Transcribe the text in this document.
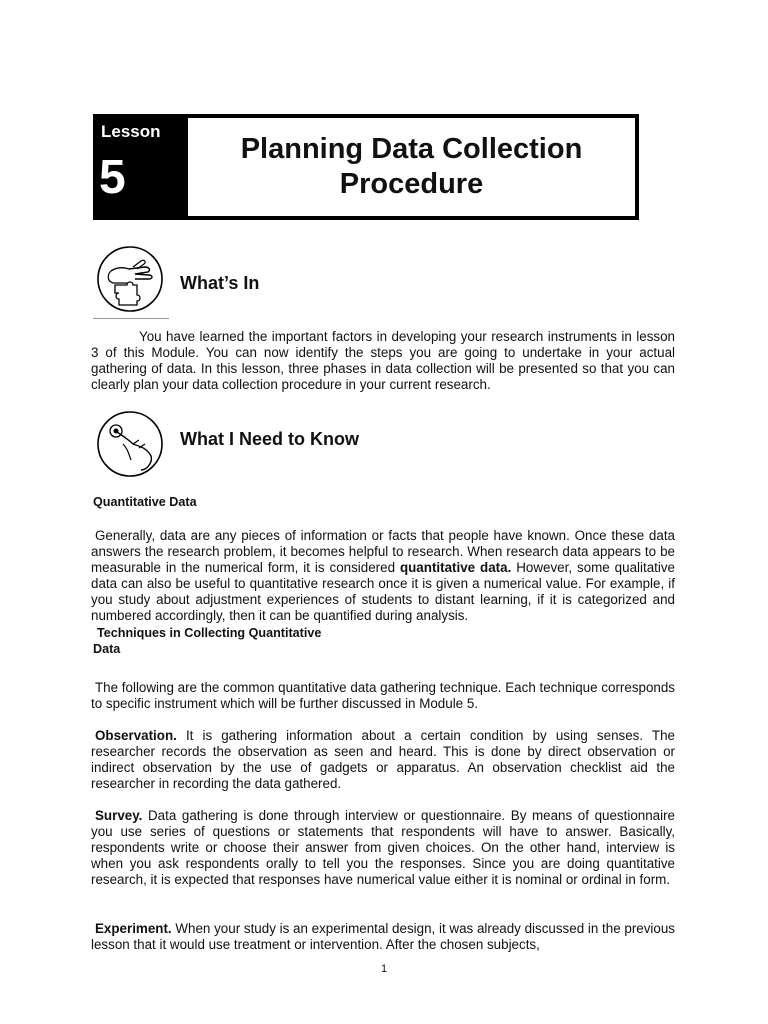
Lesson
5
Planning Data Collection Procedure
What’s In
You have learned the important factors in developing your research instruments in lesson 3 of this Module. You can now identify the steps you are going to undertake in your actual gathering of data. In this lesson, three phases in data collection will be presented so that you can clearly plan your data collection procedure in your current research.
What I Need to Know
Quantitative Data
Generally, data are any pieces of information or facts that people have known. Once these data answers the research problem, it becomes helpful to research. When research data appears to be measurable in the numerical form, it is considered quantitative data. However, some qualitative data can also be useful to quantitative research once it is given a numerical value. For example, if you study about adjustment experiences of students to distant learning, if it is categorized and numbered accordingly, then it can be quantified during analysis.
Techniques in Collecting Quantitative
Data
The following are the common quantitative data gathering technique. Each technique corresponds to specific instrument which will be further discussed in Module 5.
Observation. It is gathering information about a certain condition by using senses. The researcher records the observation as seen and heard. This is done by direct observation or indirect observation by the use of gadgets or apparatus. An observation checklist aid the researcher in recording the data gathered.
Survey. Data gathering is done through interview or questionnaire. By means of questionnaire you use series of questions or statements that respondents will have to answer. Basically, respondents write or choose their answer from given choices. On the other hand, interview is when you ask respondents orally to tell you the responses. Since you are doing quantitative research, it is expected that responses have numerical value either it is nominal or ordinal in form.
Experiment. When your study is an experimental design, it was already discussed in the previous lesson that it would use treatment or intervention. After the chosen subjects,
1
